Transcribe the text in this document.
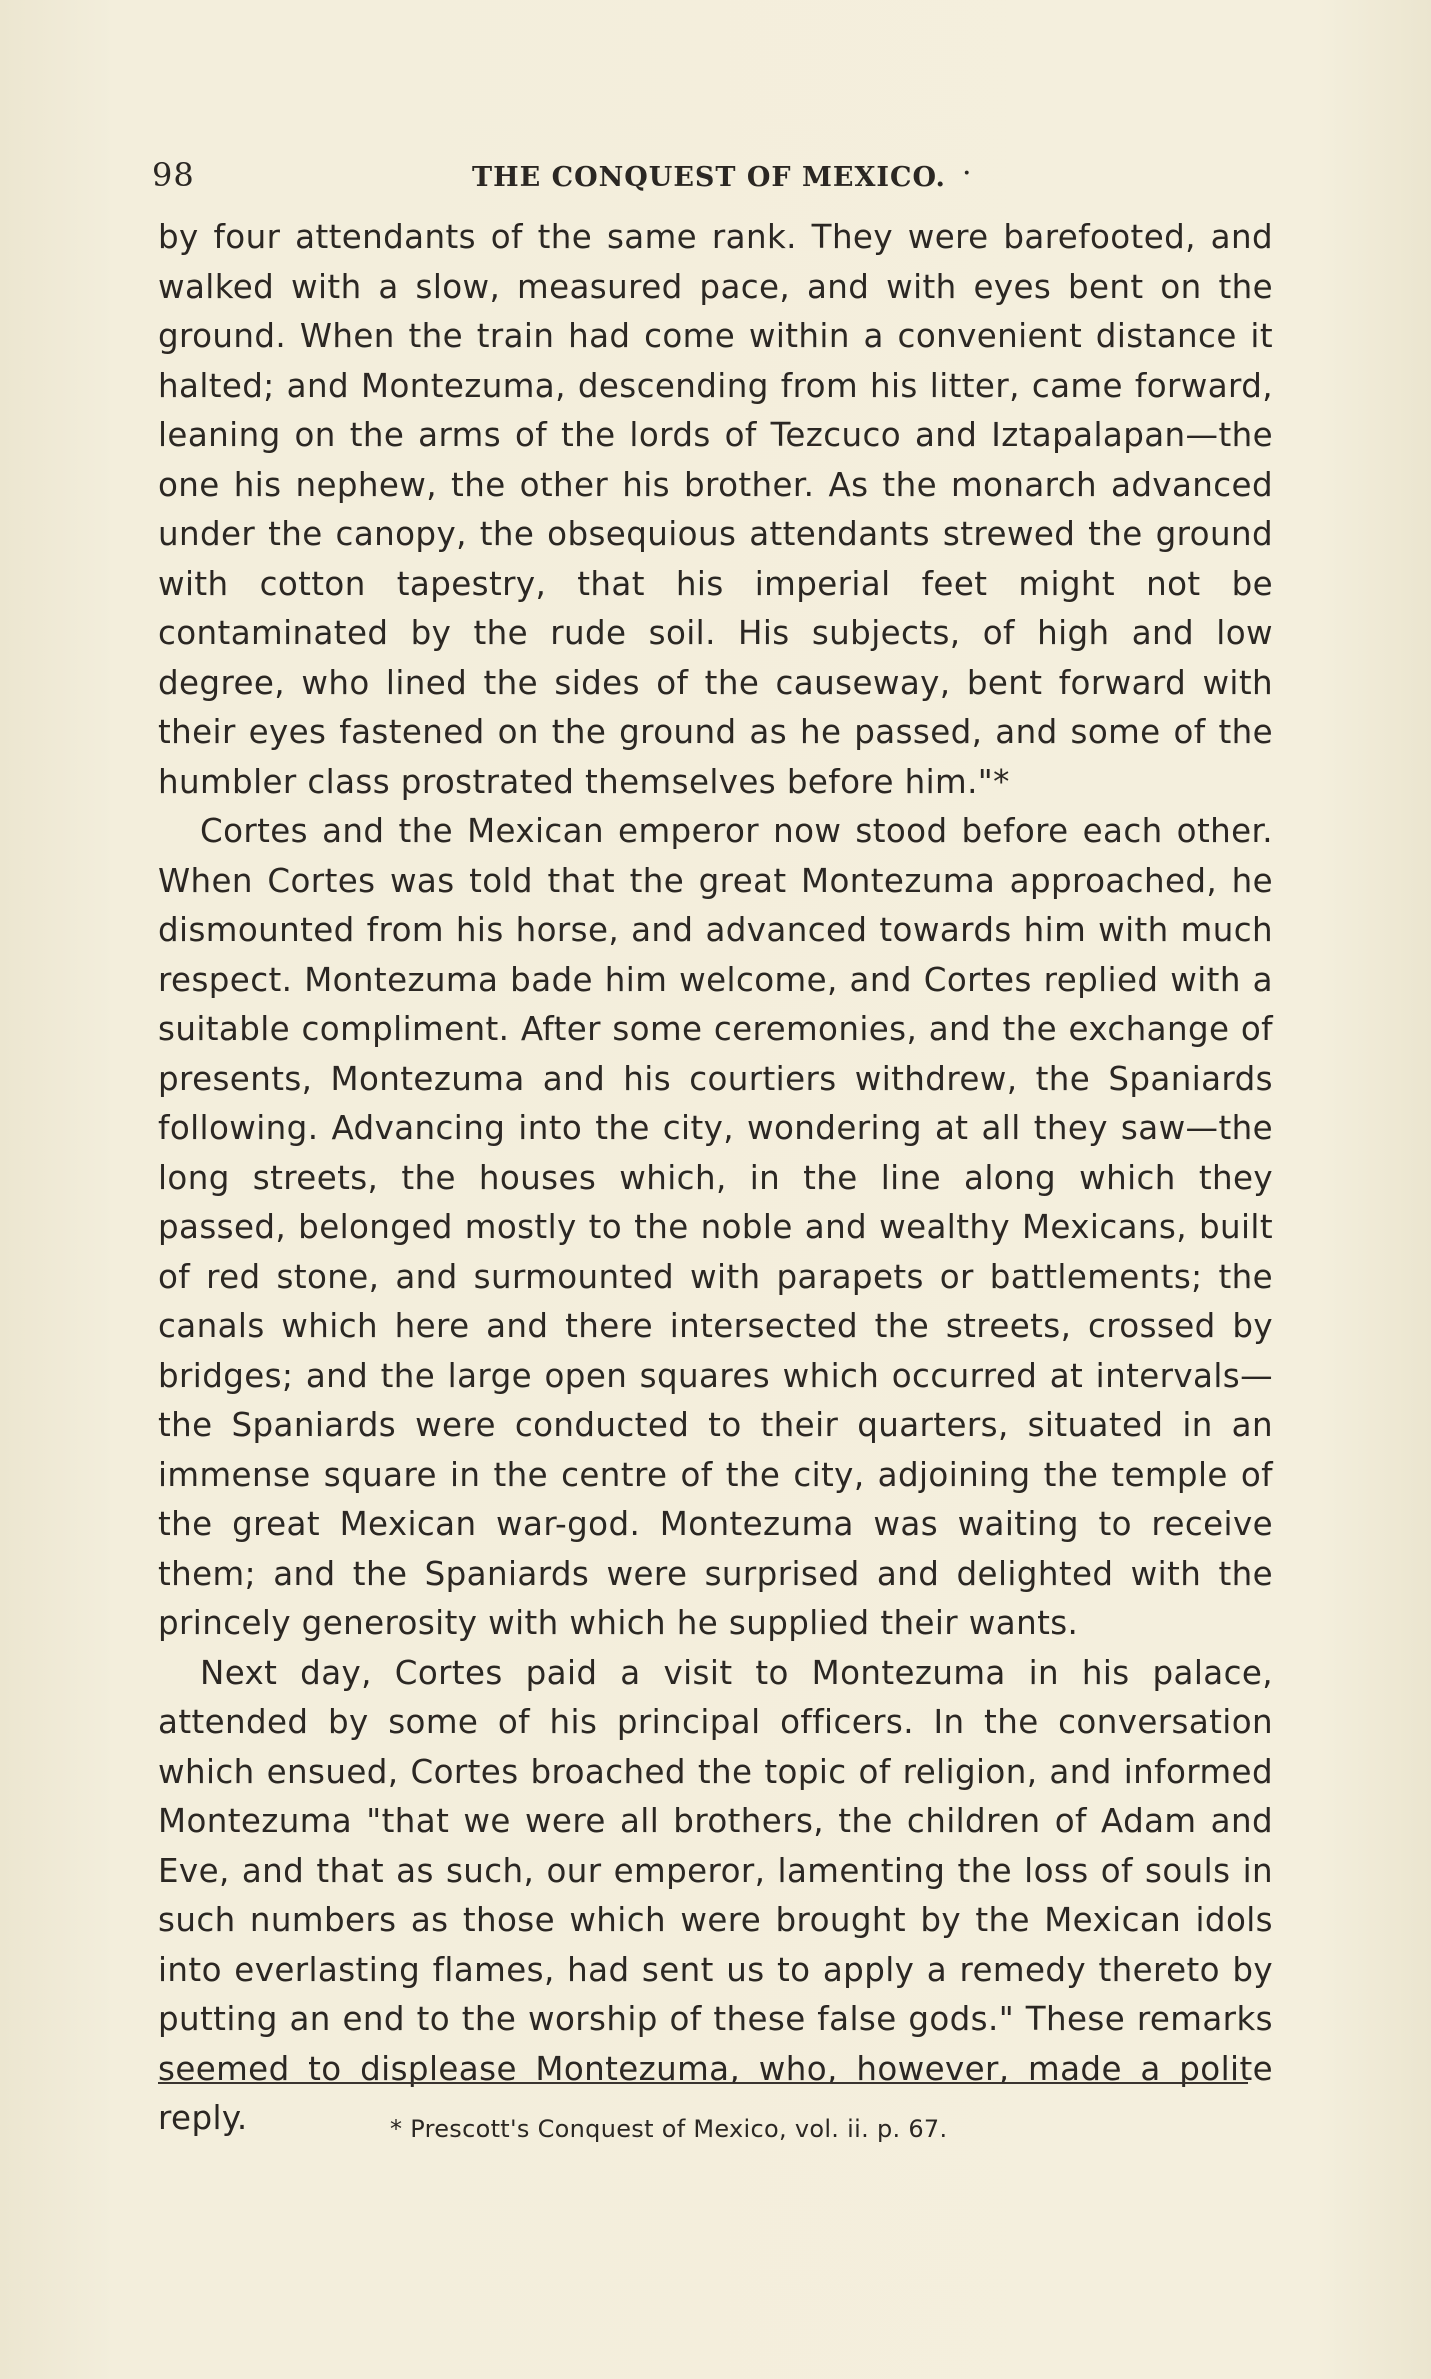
98	THE CONQUEST OF MEXICO. ·

by four attendants of the same rank. They were barefooted, and walked with a slow, measured pace, and with eyes bent on the ground. When the train had come within a convenient distance it halted; and Montezuma, descending from his litter, came forward, leaning on the arms of the lords of Tezcuco and Iztapalapan—the one his nephew, the other his brother. As the monarch advanced under the canopy, the obsequious attendants strewed the ground with cotton tapestry, that his imperial feet might not be contaminated by the rude soil. His subjects, of high and low degree, who lined the sides of the causeway, bent forward with their eyes fastened on the ground as he passed, and some of the humbler class prostrated themselves before him."*

Cortes and the Mexican emperor now stood before each other. When Cortes was told that the great Montezuma approached, he dismounted from his horse, and advanced towards him with much respect. Montezuma bade him welcome, and Cortes replied with a suitable compliment. After some ceremonies, and the exchange of presents, Montezuma and his courtiers withdrew, the Spaniards following. Advancing into the city, wondering at all they saw—the long streets, the houses which, in the line along which they passed, belonged mostly to the noble and wealthy Mexicans, built of red stone, and surmounted with parapets or battlements; the canals which here and there intersected the streets, crossed by bridges; and the large open squares which occurred at intervals—the Spaniards were conducted to their quarters, situated in an immense square in the centre of the city, adjoining the temple of the great Mexican war-god. Montezuma was waiting to receive them; and the Spaniards were surprised and delighted with the princely generosity with which he supplied their wants.

Next day, Cortes paid a visit to Montezuma in his palace, attended by some of his principal officers. In the conversation which ensued, Cortes broached the topic of religion, and informed Montezuma "that we were all brothers, the children of Adam and Eve, and that as such, our emperor, lamenting the loss of souls in such numbers as those which were brought by the Mexican idols into everlasting flames, had sent us to apply a remedy thereto by putting an end to the worship of these false gods." These remarks seemed to displease Montezuma, who, however, made a polite reply.	* Prescott's Conquest of Mexico, vol. ii. p. 67.
